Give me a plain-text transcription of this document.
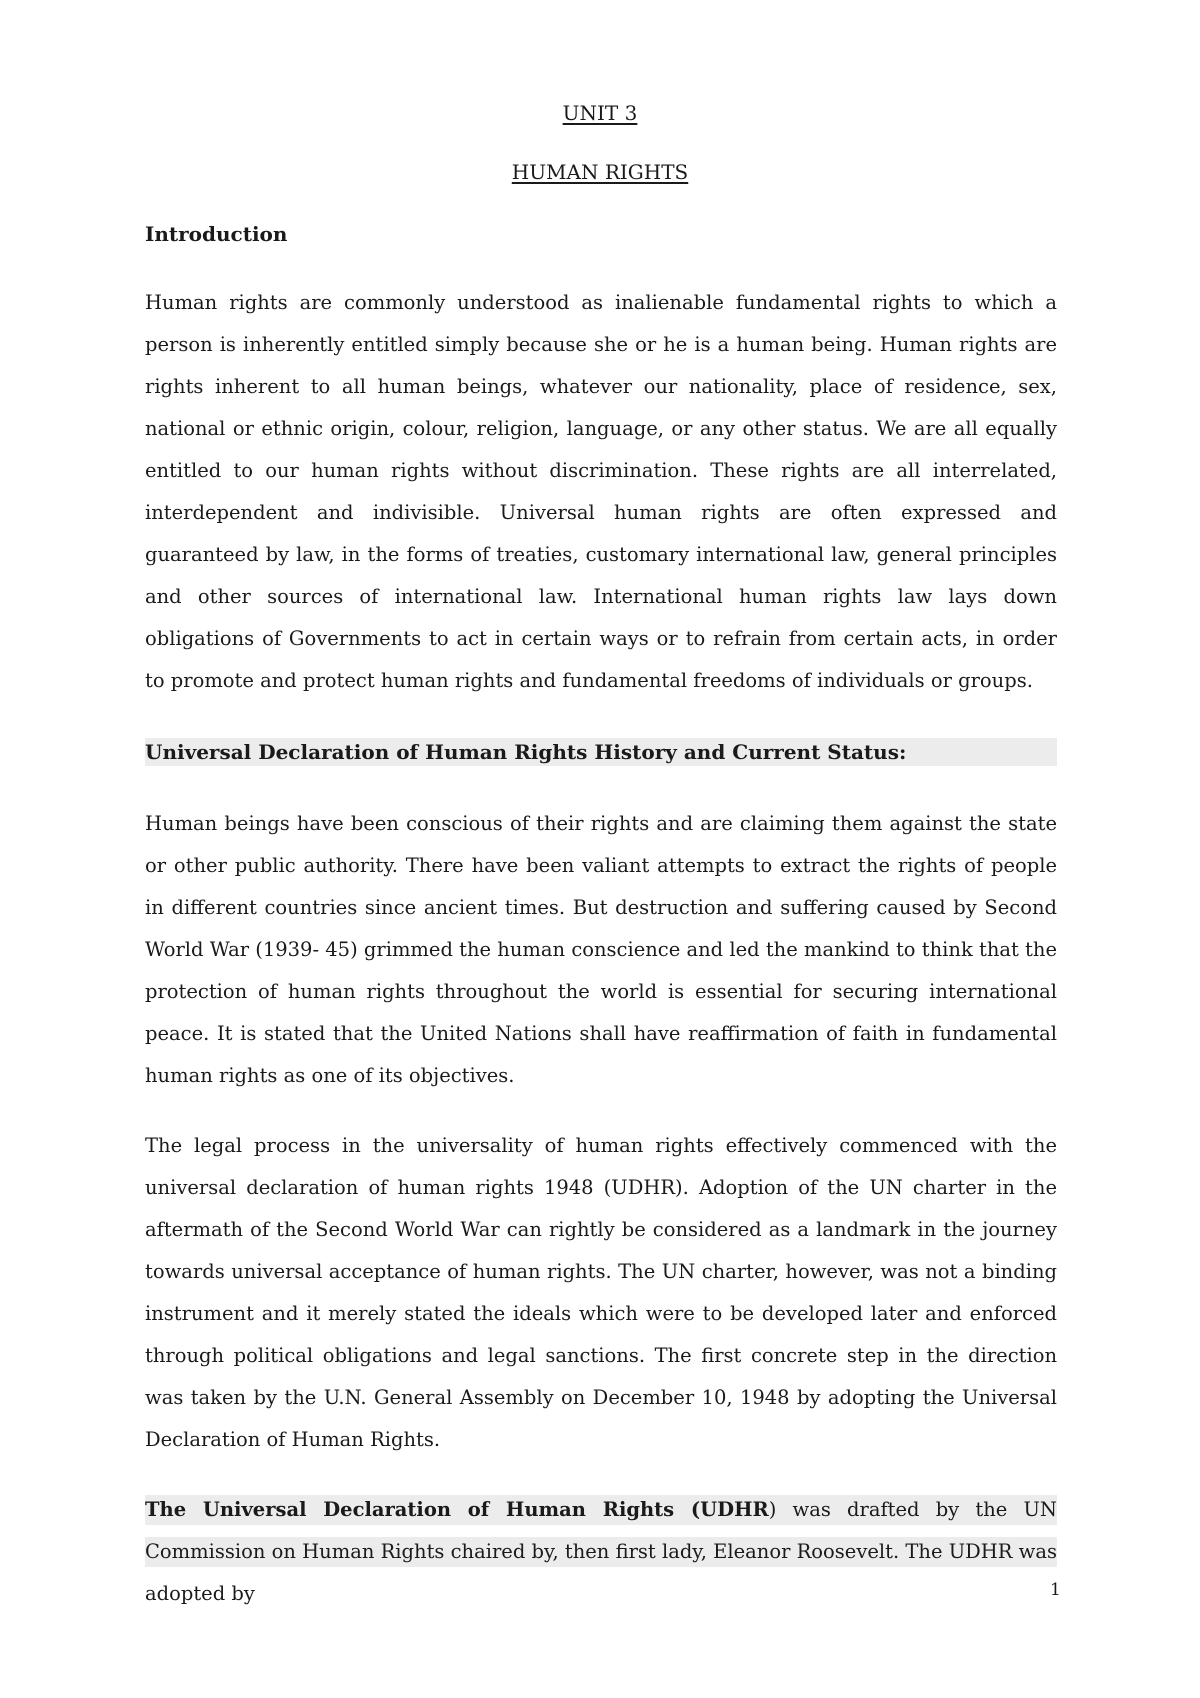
UNIT 3

HUMAN RIGHTS

Introduction

Human rights are commonly understood as inalienable fundamental rights to which a person is inherently entitled simply because she or he is a human being. Human rights are rights inherent to all human beings, whatever our nationality, place of residence, sex, national or ethnic origin, colour, religion, language, or any other status. We are all equally entitled to our human rights without discrimination. These rights are all interrelated, interdependent and indivisible. Universal human rights are often expressed and guaranteed by law, in the forms of treaties, customary international law, general principles and other sources of international law. International human rights law lays down obligations of Governments to act in certain ways or to refrain from certain acts, in order to promote and protect human rights and fundamental freedoms of individuals or groups.

Universal Declaration of Human Rights History and Current Status:

Human beings have been conscious of their rights and are claiming them against the state or other public authority. There have been valiant attempts to extract the rights of people in different countries since ancient times. But destruction and suffering caused by Second World War (1939- 45) grimmed the human conscience and led the mankind to think that the protection of human rights throughout the world is essential for securing international peace. It is stated that the United Nations shall have reaffirmation of faith in fundamental human rights as one of its objectives.

The legal process in the universality of human rights effectively commenced with the universal declaration of human rights 1948 (UDHR). Adoption of the UN charter in the aftermath of the Second World War can rightly be considered as a landmark in the journey towards universal acceptance of human rights. The UN charter, however, was not a binding instrument and it merely stated the ideals which were to be developed later and enforced through political obligations and legal sanctions. The first concrete step in the direction was taken by the U.N. General Assembly on December 10, 1948 by adopting the Universal Declaration of Human Rights.

The Universal Declaration of Human Rights (UDHR) was drafted by the UN Commission on Human Rights chaired by, then first lady, Eleanor Roosevelt. The UDHR was adopted by	1
